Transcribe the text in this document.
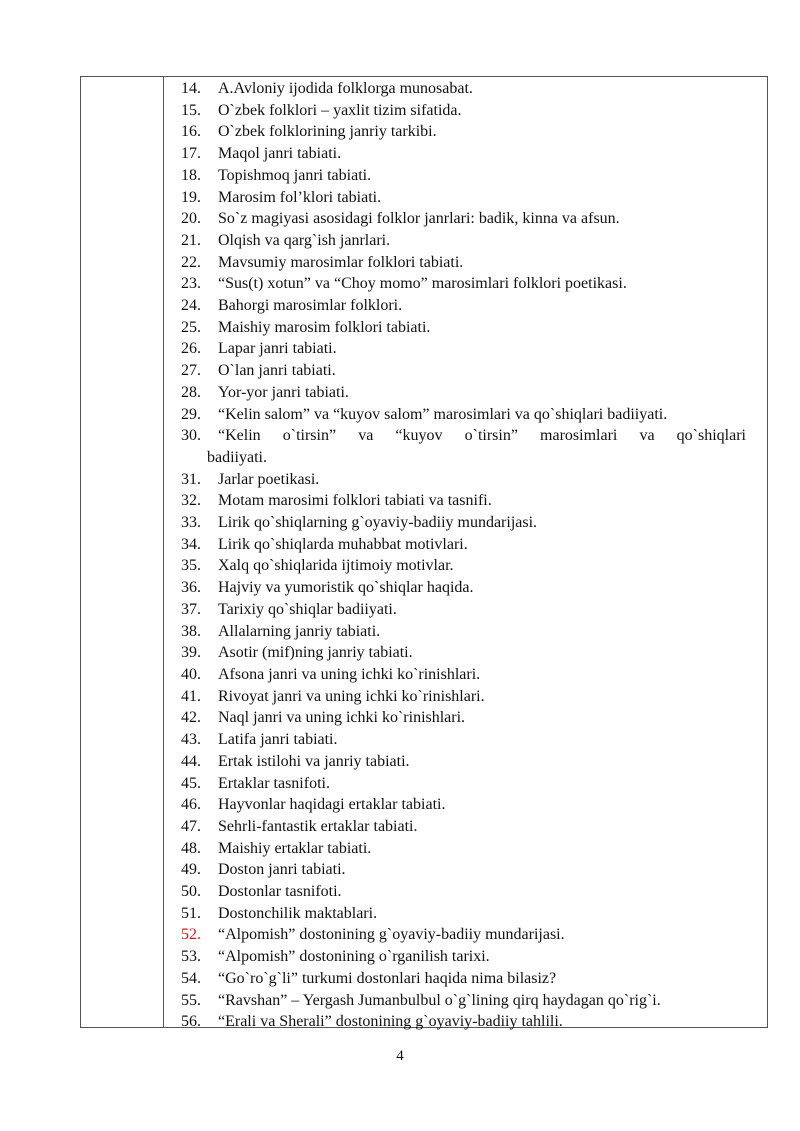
14.	A.Avloniy ijodida folklorga munosabat.
15.	O`zbek folklori – yaxlit tizim sifatida.
16.	O`zbek folklorining janriy tarkibi.
17.	Maqol janri tabiati.
18.	Topishmoq janri tabiati.
19.	Marosim fol’klori tabiati.
20.	So`z magiyasi asosidagi folklor janrlari: badik, kinna va afsun.
21.	Olqish va qarg`ish janrlari.
22.	Mavsumiy marosimlar folklori tabiati.
23.	“Sus(t) xotun” va “Choy momo” marosimlari folklori poetikasi.
24.	Bahorgi marosimlar folklori.
25.	Maishiy marosim folklori tabiati.
26.	Lapar janri tabiati.
27.	O`lan janri tabiati.
28.	Yor-yor janri tabiati.
29.	“Kelin salom” va “kuyov salom” marosimlari va qo`shiqlari badiiyati.
30.	“Kelin o`tirsin” va “kuyov o`tirsin” marosimlari va qo`shiqlari
badiiyati.
31.	Jarlar poetikasi.
32.	Motam marosimi folklori tabiati va tasnifi.
33.	Lirik qo`shiqlarning g`oyaviy-badiiy mundarijasi.
34.	Lirik qo`shiqlarda muhabbat motivlari.
35.	Xalq qo`shiqlarida ijtimoiy motivlar.
36.	Hajviy va yumoristik qo`shiqlar haqida.
37.	Tarixiy qo`shiqlar badiiyati.
38.	Allalarning janriy tabiati.
39.	Asotir (mif)ning janriy tabiati.
40.	Afsona janri va uning ichki ko`rinishlari.
41.	Rivoyat janri va uning ichki ko`rinishlari.
42.	Naql janri va uning ichki ko`rinishlari.
43.	Latifa janri tabiati.
44.	Ertak istilohi va janriy tabiati.
45.	Ertaklar tasnifoti.
46.	Hayvonlar haqidagi ertaklar tabiati.
47.	Sehrli-fantastik ertaklar tabiati.
48.	Maishiy ertaklar tabiati.
49.	Doston janri tabiati.
50.	Dostonlar tasnifoti.
51.	Dostonchilik maktablari.
52.	“Alpomish” dostonining g`oyaviy-badiiy mundarijasi.
53.	“Alpomish” dostonining o`rganilish tarixi.
54.	“Go`ro`g`li” turkumi dostonlari haqida nima bilasiz?
55.	“Ravshan” – Yergash Jumanbulbul o`g`lining qirq haydagan qo`rig`i.
56.	“Erali va Sherali” dostonining g`oyaviy-badiiy tahlili.
4
